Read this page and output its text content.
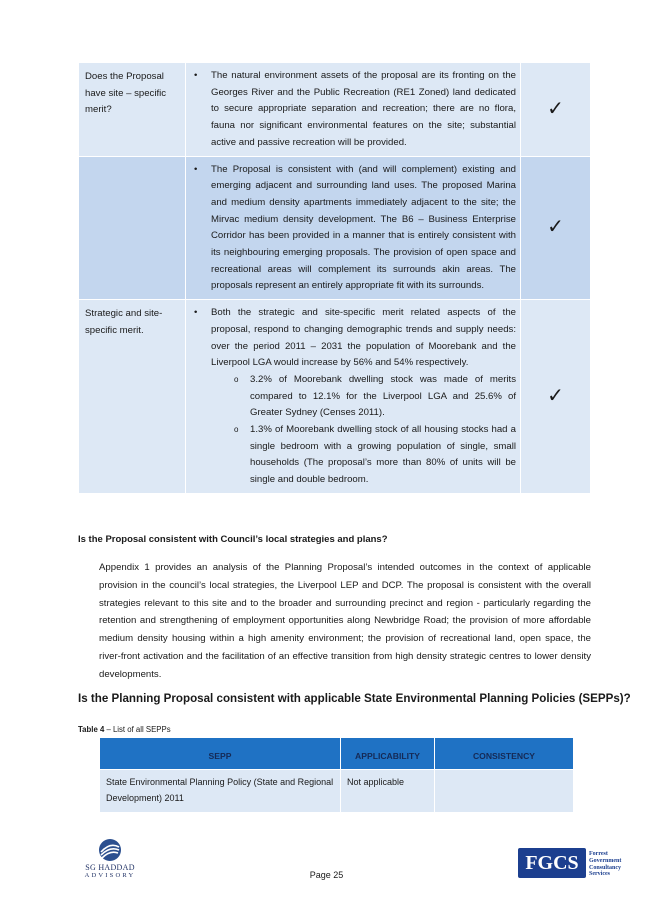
Does the Proposal have site – specific merit?	• The natural environment assets of the proposal are its fronting on the Georges River and the Public Recreation (RE1 Zoned) land dedicated to secure appropriate separation and recreation; there are no flora, fauna nor significant environmental features on the site; substantial active and passive recreation will be provided.	✓

	• The Proposal is consistent with (and will complement) existing and emerging adjacent and surrounding land uses. The proposed Marina and medium density apartments immediately adjacent to the site; the Mirvac medium density development. The B6 – Business Enterprise Corridor has been provided in a manner that is entirely consistent with its neighbouring emerging proposals. The provision of open space and recreational areas will complement its surrounds akin areas. The proposals represent an entirely appropriate fit with its surrounds.	✓
Strategic and site-specific merit.	• Both the strategic and site-specific merit related aspects of the proposal, respond to changing demographic trends and supply needs: over the period 2011 – 2031 the population of Moorebank and the Liverpool LGA would increase by 56% and 54% respectively.

o 3.2% of Moorebank dwelling stock was made of merits compared to 12.1% for the Liverpool LGA and 25.6% of Greater Sydney (Censes 2011).

o 1.3% of Moorebank dwelling stock of all housing stocks had a single bedroom with a growing population of single, small households (The proposal’s more than 80% of units will be single and double bedroom.	✓

Is the Proposal consistent with Council’s local strategies and plans?

Appendix 1 provides an analysis of the Planning Proposal’s intended outcomes in the context of applicable provision in the council’s local strategies, the Liverpool LEP and DCP. The proposal is consistent with the overall strategies relevant to this site and to the broader and surrounding precinct and region - particularly regarding the retention and strengthening of employment opportunities along Newbridge Road; the provision of more affordable medium density housing within a high amenity environment; the provision of recreational land, open space, the river-front activation and the facilitation of an effective transition from high density strategic centres to lower density developments.

Is the Planning Proposal consistent with applicable State Environmental Planning Policies (SEPPs)?

Table 4 – List of all SEPPs

SEPP	APPLICABILITY	CONSISTENCY
State Environmental Planning Policy (State and Regional Development) 2011	Not applicable	
SG HADDAD
ADVISORY	Page 25

FGCS	Forrest
Government
Consultancy
Services
